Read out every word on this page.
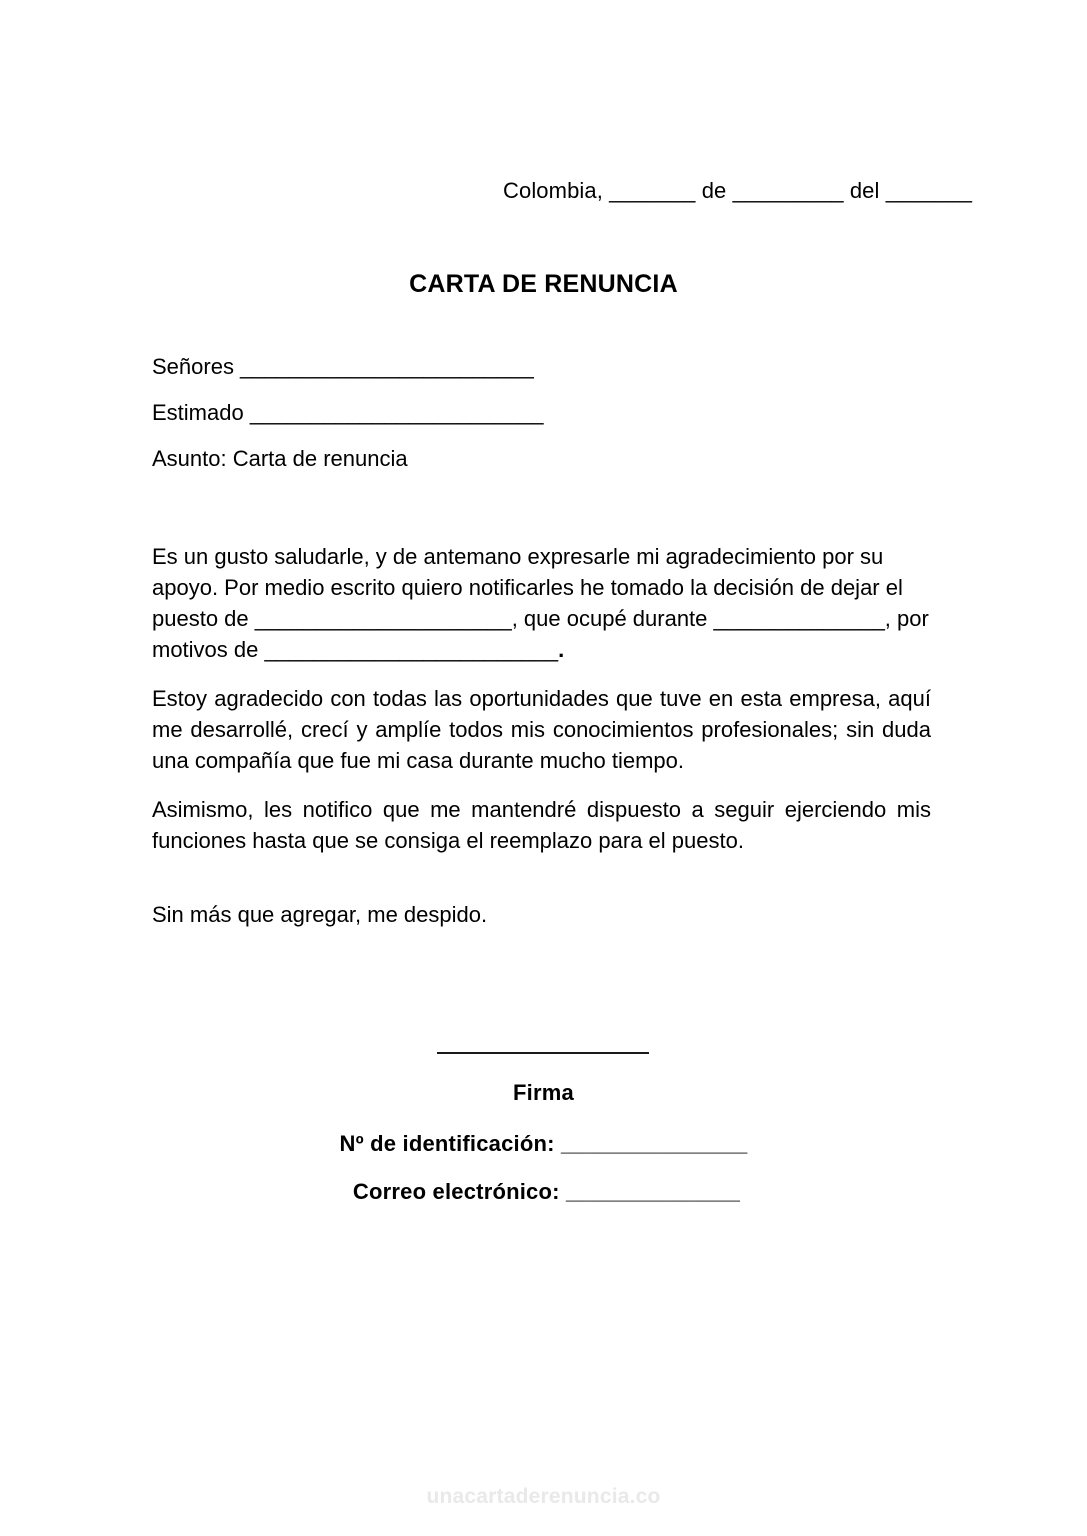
Colombia, _______ de _________ del _______
CARTA DE RENUNCIA
Señores ________________________
Estimado ________________________
Asunto: Carta de renuncia

Es un gusto saludarle, y de antemano expresarle mi agradecimiento por su apoyo. Por medio escrito quiero notificarles he tomado la decisión de dejar el puesto de _____________________, que ocupé durante ______________, por motivos de ________________________.

Estoy agradecido con todas las oportunidades que tuve en esta empresa, aquí me desarrollé, crecí y amplíe todos mis conocimientos profesionales; sin duda una compañía que fue mi casa durante mucho tiempo.

Asimismo, les notifico que me mantendré dispuesto a seguir ejerciendo mis funciones hasta que se consiga el reemplazo para el puesto.

Sin más que agregar, me despido.
Firma
Nº de identificación: _______________
Correo electrónico: ______________
unacartaderenuncia.co
